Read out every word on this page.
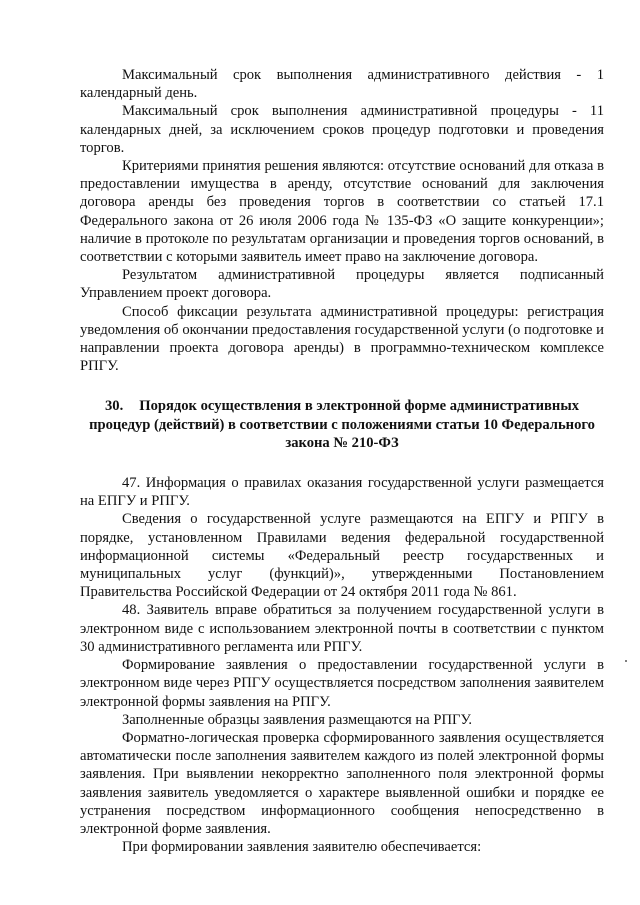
Максимальный срок выполнения административного действия - 1 календарный день.

Максимальный срок выполнения административной процедуры - 11 календарных дней, за исключением сроков процедур подготовки и проведения торгов.

Критериями принятия решения являются: отсутствие оснований для отказа в предоставлении имущества в аренду, отсутствие оснований для заключения договора аренды без проведения торгов в соответствии со статьей 17.1 Федерального закона от 26 июля 2006 года № 135-ФЗ «О защите конкуренции»; наличие в протоколе по результатам организации и проведения торгов оснований, в соответствии с которыми заявитель имеет право на заключение договора.

Результатом административной процедуры является подписанный Управлением проект договора.

Способ фиксации результата административной процедуры: регистрация уведомления об окончании предоставления государственной услуги (о подготовке и направлении проекта договора аренды) в программно-техническом комплексе РПГУ.

30. Порядок осуществления в электронной форме административных процедур (действий) в соответствии с положениями статьи 10 Федерального закона № 210-ФЗ

47. Информация о правилах оказания государственной услуги размещается на ЕПГУ и РПГУ.

Сведения о государственной услуге размещаются на ЕПГУ и РПГУ в порядке, установленном Правилами ведения федеральной государственной информационной системы «Федеральный реестр государственных и муниципальных услуг (функций)», утвержденными Постановлением Правительства Российской Федерации от 24 октября 2011 года № 861.

48. Заявитель вправе обратиться за получением государственной услуги в электронном виде с использованием электронной почты в соответствии с пунктом 30 административного регламента или РПГУ.

Формирование заявления о предоставлении государственной услуги в электронном виде через РПГУ осуществляется посредством заполнения заявителем электронной формы заявления на РПГУ.

Заполненные образцы заявления размещаются на РПГУ.

Форматно-логическая проверка сформированного заявления осуществляется автоматически после заполнения заявителем каждого из полей электронной формы заявления. При выявлении некорректно заполненного поля электронной формы заявления заявитель уведомляется о характере выявленной ошибки и порядке ее устранения посредством информационного сообщения непосредственно в электронной форме заявления.

При формировании заявления заявителю обеспечивается:
